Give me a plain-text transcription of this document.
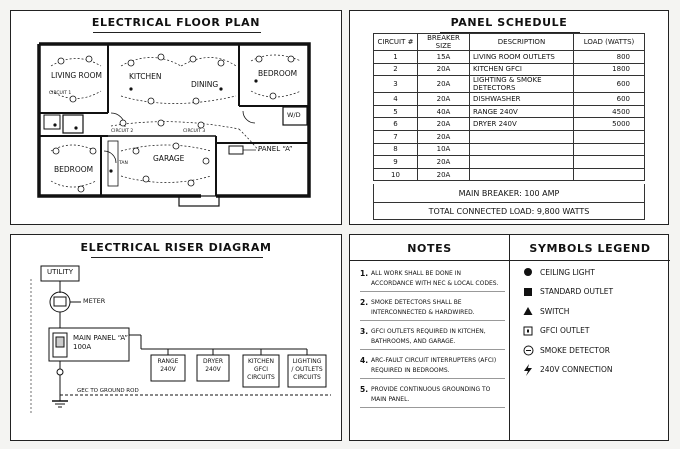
ELECTRICAL FLOOR PLAN
LIVING ROOM	KITCHEN
DINING
BEDROOM
BEDROOM
GARAGE
W/D
TAN
CIRCUIT 1
CIRCUIT 2	CIRCUIT 3
PANEL “A”
PANEL SCHEDULE
CIRCUIT #	BREAKER SIZE	DESCRIPTION	LOAD (WATTS)
1	15A	LIVING ROOM OUTLETS	800
2	20A	KITCHEN GFCI	1800
3	20A	LIGHTING & SMOKE DETECTORS	600
4	20A	DISHWASHER	600
5	40A	RANGE 240V	4500
6	20A	DRYER 240V	5000
7	20A		
8	10A		
9	20A		
10	20A		
MAIN BREAKER: 100 AMP
TOTAL CONNECTED LOAD: 9,800 WATTS
ELECTRICAL RISER DIAGRAM
UTILITY
METER
MAIN PANEL “A”
100A
RANGE
240V
DRYER
240V
KITCHEN
GFCI
CIRCUITS
LIGHTING
/ OUTLETS
CIRCUITS
GEC TO GROUND ROD
NOTES
1. ALL WORK SHALL BE DONE IN ACCORDANCE WITH NEC & LOCAL CODES.
2. SMOKE DETECTORS SHALL BE INTERCONNECTED & HARDWIRED.
3. GFCI OUTLETS REQUIRED IN KITCHEN, BATHROOMS, AND GARAGE.
4. ARC-FAULT CIRCUIT INTERRUPTERS (AFCI) REQUIRED IN BEDROOMS.
5. PROVIDE CONTINUOUS GROUNDING TO MAIN PANEL.
SYMBOLS LEGEND
CEILING LIGHT
STANDARD OUTLET
SWITCH
GFCI OUTLET
SMOKE DETECTOR
240V CONNECTION
